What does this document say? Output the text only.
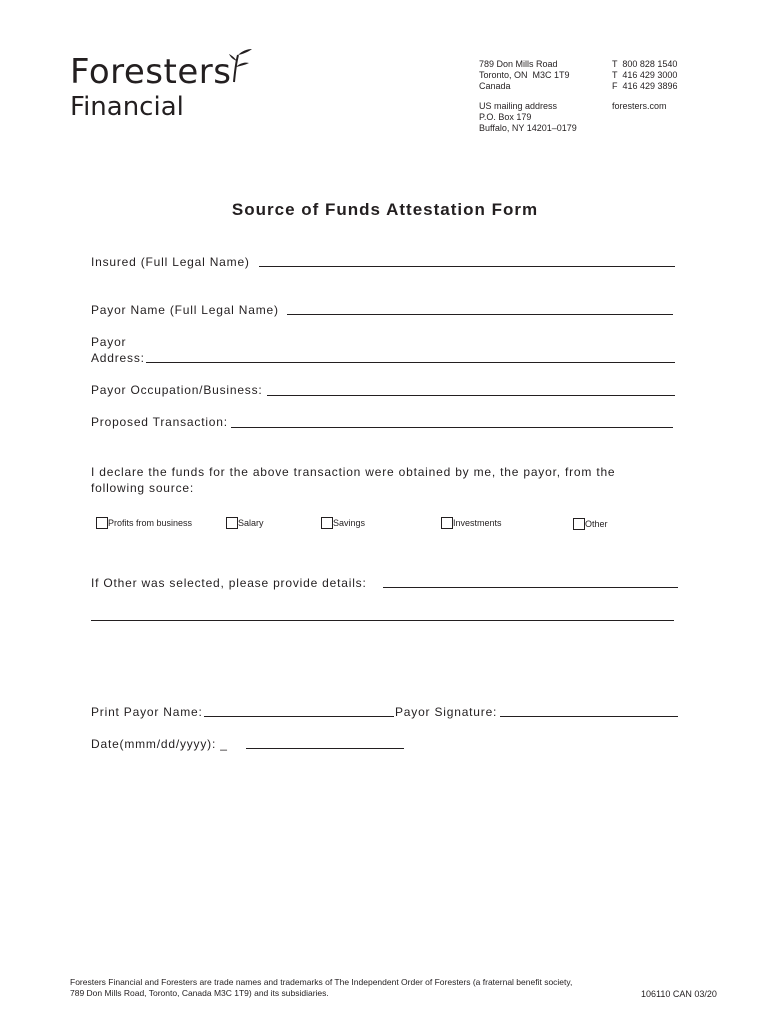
Foresters
Financial
789 Don Mills Road
Toronto, ON  M3C 1T9
Canada
US mailing address
P.O. Box 179
Buffalo, NY 14201–0179
T  800 828 1540
T  416 429 3000
F  416 429 3896
foresters.com
Source of Funds Attestation Form
Insured (Full Legal Name)
Payor Name (Full Legal Name)
Payor
Address:
Payor Occupation/Business:
Proposed Transaction:
I declare the funds for the above transaction were obtained by me, the payor, from the
following source:
Profits from business	Salary	Savings	Investments	Other
If Other was selected, please provide details:
Print Payor Name:	Payor Signature:
Date(mmm/dd/yyyy): _
Foresters Financial and Foresters are trade names and trademarks of The Independent Order of Foresters (a fraternal benefit society,
789 Don Mills Road, Toronto, Canada M3C 1T9) and its subsidiaries.	106110 CAN 03/20
